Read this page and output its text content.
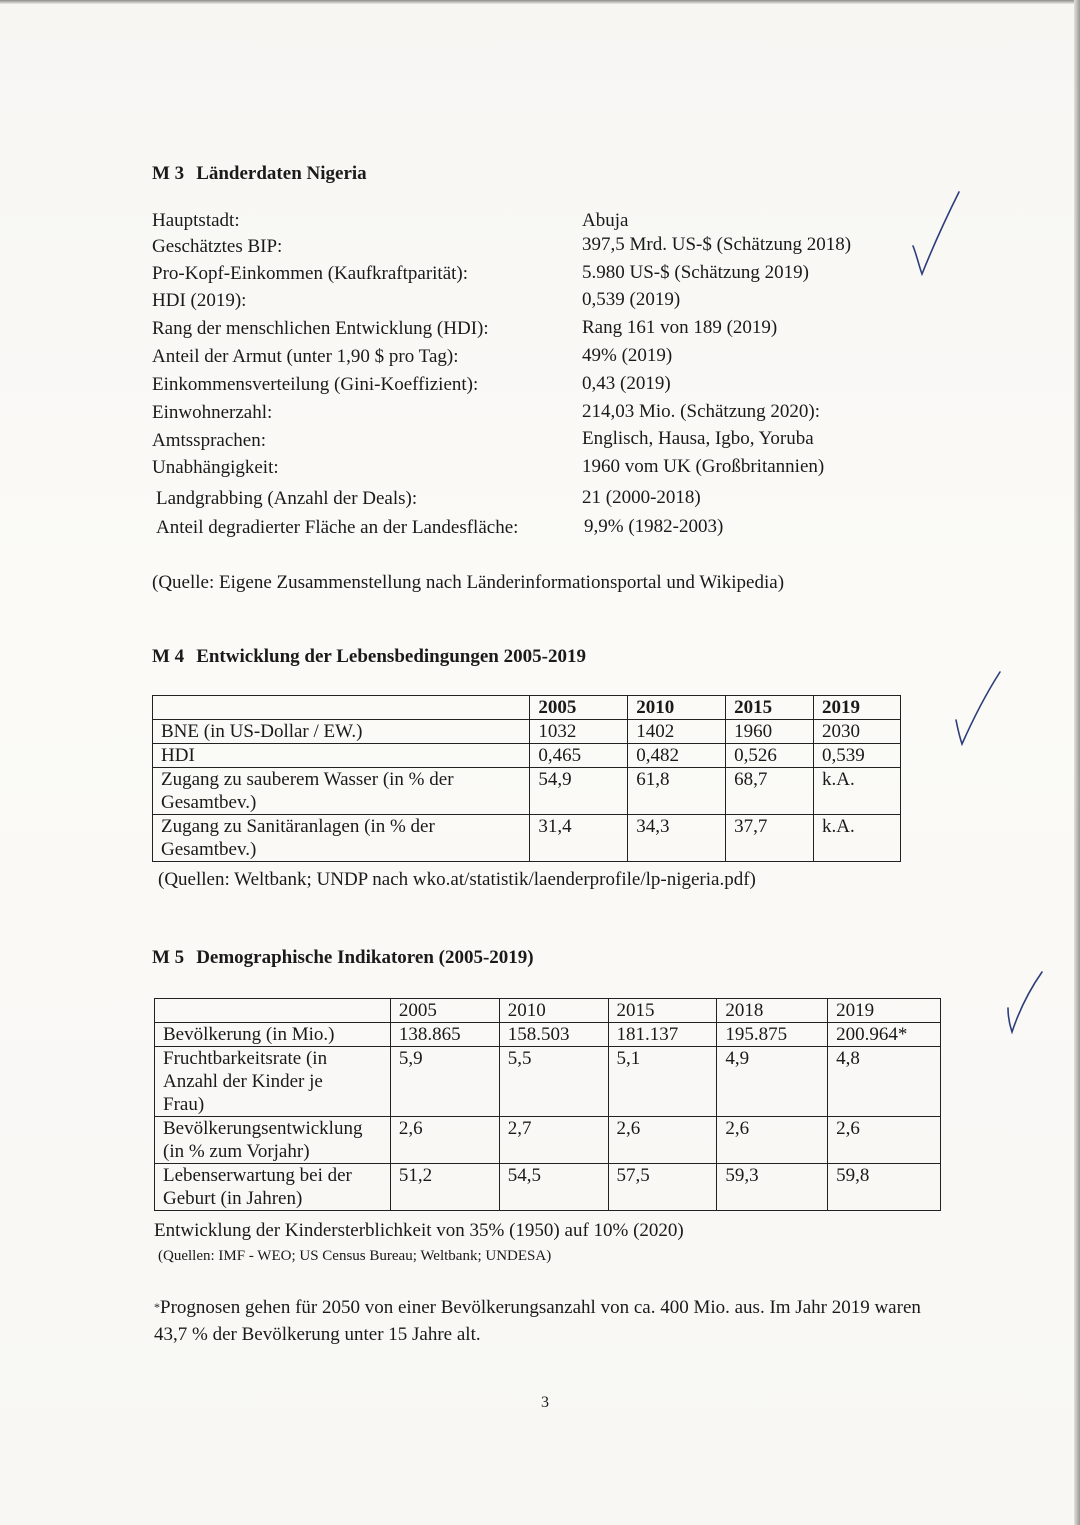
M 3 Länderdaten Nigeria
Hauptstadt:	Abuja
Geschätztes BIP:	397,5 Mrd. US-$ (Schätzung 2018)
Pro-Kopf-Einkommen (Kaufkraftparität):	5.980 US-$ (Schätzung 2019)
HDI (2019):	0,539 (2019)
Rang der menschlichen Entwicklung (HDI):	Rang 161 von 189 (2019)
Anteil der Armut (unter 1,90 $ pro Tag):	49% (2019)
Einkommensverteilung (Gini-Koeffizient):	0,43 (2019)
Einwohnerzahl:	214,03 Mio. (Schätzung 2020):
Amtssprachen:	Englisch, Hausa, Igbo, Yoruba
Unabhängigkeit:	1960 vom UK (Großbritannien)
Landgrabbing (Anzahl der Deals):	21 (2000-2018)
Anteil degradierter Fläche an der Landesfläche:	9,9% (1982-2003)
(Quelle: Eigene Zusammenstellung nach Länderinformationsportal und Wikipedia)
M 4 Entwicklung der Lebensbedingungen 2005-2019
	2005	2010	2015	2019
BNE (in US-Dollar / EW.)	1032	1402	1960	2030
HDI	0,465	0,482	0,526	0,539

Zugang zu sauberem Wasser (in % der
Gesamtbev.)	54,9	61,8	68,7	k.A.

Zugang zu Sanitäranlagen (in % der
Gesamtbev.)	31,4	34,3	37,7	k.A.
(Quellen: Weltbank; UNDP nach wko.at/statistik/laenderprofile/lp-nigeria.pdf)
M 5 Demographische Indikatoren (2005-2019)
	2005	2010	2015	2018	2019
Bevölkerung (in Mio.)	138.865	158.503	181.137	195.875	200.964*

Fruchtbarkeitsrate (in
Anzahl der Kinder je
Frau)	5,9	5,5	5,1	4,9	4,8

Bevölkerungsentwicklung
(in % zum Vorjahr)	2,6	2,7	2,6	2,6	2,6

Lebenserwartung bei der
Geburt (in Jahren)	51,2	54,5	57,5	59,3	59,8
Entwicklung der Kindersterblichkeit von 35% (1950) auf 10% (2020)
(Quellen: IMF - WEO; US Census Bureau; Weltbank; UNDESA)
*Prognosen gehen für 2050 von einer Bevölkerungsanzahl von ca. 400 Mio. aus. Im Jahr 2019 waren 43,7 % der Bevölkerung unter 15 Jahre alt.
3
